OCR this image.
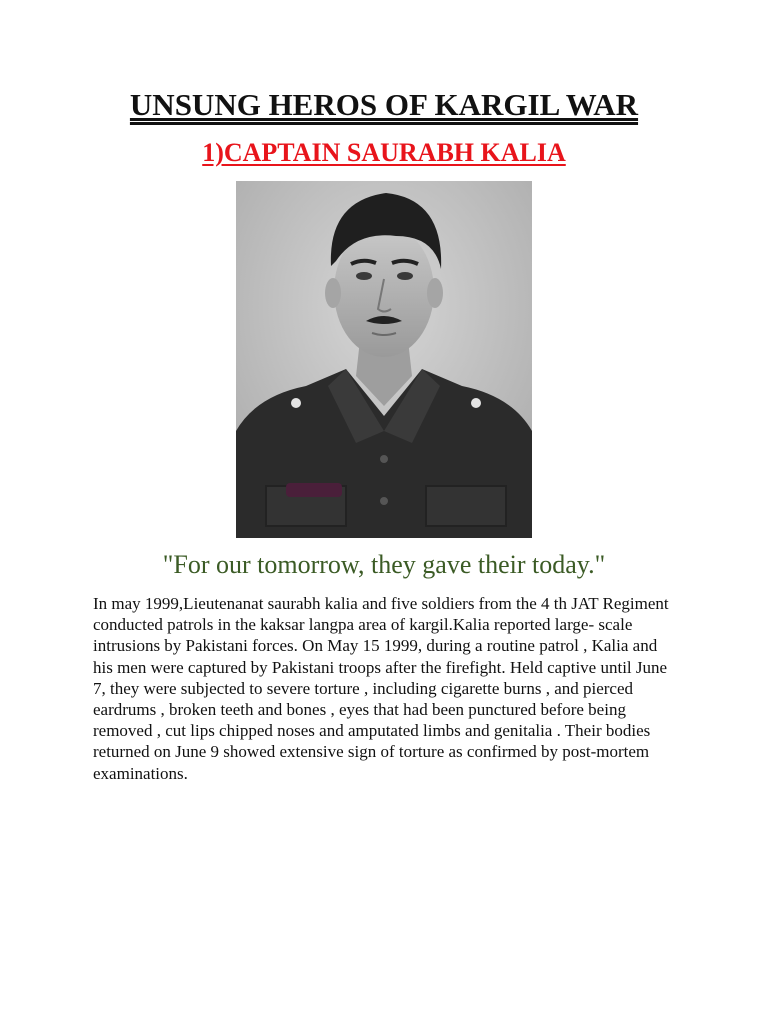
UNSUNG HEROS OF KARGIL WAR
1)CAPTAIN SAURABH KALIA
"For our tomorrow, they gave their today."

In may 1999,Lieutenanat saurabh kalia and five soldiers from the 4 th JAT Regiment conducted patrols in the kaksar langpa area of kargil.Kalia reported large- scale intrusions by Pakistani forces. On May 15 1999, during a routine patrol , Kalia and his men were captured by Pakistani troops after the firefight. Held captive until June 7, they were subjected to severe torture , including cigarette burns , and pierced eardrums , broken teeth and bones , eyes that had been punctured before being removed , cut lips chipped noses and amputated limbs and genitalia . Their bodies returned on June 9 showed extensive sign of torture as confirmed by post-mortem examinations.
